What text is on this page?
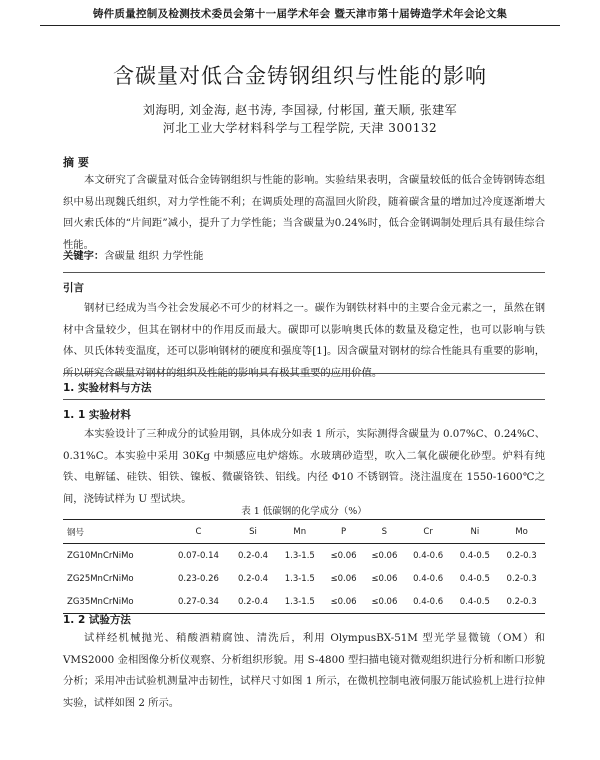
铸件质量控制及检测技术委员会第十一届学术年会 暨天津市第十届铸造学术年会论文集
含碳量对低合金铸钢组织与性能的影响
刘海明, 刘金海, 赵书涛, 李国禄, 付彬国, 董天顺, 张建军
河北工业大学材料科学与工程学院, 天津 300132
摘 要
本文研究了含碳量对低合金铸钢组织与性能的影响。实验结果表明，含碳量较低的低合金铸钢铸态组织中易出现魏氏组织，对力学性能不利；在调质处理的高温回火阶段，随着碳含量的增加过冷度逐渐增大回火索氏体的“片间距”减小，提升了力学性能；当含碳量为0.24%时，低合金钢调制处理后具有最佳综合性能。
关键字：含碳量 组织 力学性能
引言
钢材已经成为当今社会发展必不可少的材料之一。碳作为钢铁材料中的主要合金元素之一，虽然在钢材中含量较少，但其在钢材中的作用反而最大。碳即可以影响奥氏体的数量及稳定性，也可以影响与铁体、贝氏体转变温度，还可以影响钢材的硬度和强度等[1]。因含碳量对钢材的综合性能具有重要的影响，所以研究含碳量对钢材的组织及性能的影响具有极其重要的应用价值。
1. 实验材料与方法
1. 1 实验材料
本实验设计了三种成分的试验用钢，具体成分如表 1 所示，实际测得含碳量为 0.07%C、0.24%C、0.31%C。本实验中采用 30Kg 中频感应电炉熔炼。水玻璃砂造型，吹入二氧化碳硬化砂型。炉料有纯铁、电解锰、硅铁、钼铁、镍板、微碳铬铁、铝线。内径 Φ10 不锈钢管。浇注温度在 1550-1600℃之间，浇铸试样为 U 型试块。
表 1 低碳钢的化学成分（%）
钢号	C	Si	Mn	P	S	Cr	Ni	Mo
ZG10MnCrNiMo	0.07-0.14	0.2-0.4	1.3-1.5	≤0.06	≤0.06	0.4-0.6	0.4-0.5	0.2-0.3
ZG25MnCrNiMo	0.23-0.26	0.2-0.4	1.3-1.5	≤0.06	≤0.06	0.4-0.6	0.4-0.5	0.2-0.3
ZG35MnCrNiMo	0.27-0.34	0.2-0.4	1.3-1.5	≤0.06	≤0.06	0.4-0.6	0.4-0.5	0.2-0.3
1. 2 试验方法
试样经机械抛光、稍酸酒精腐蚀、清洗后，利用 OlympusBX-51M 型光学显微镜（OM）和VMS2000 金相图像分析仪观察、分析组织形貌。用 S-4800 型扫描电镜对微观组织进行分析和断口形貌分析；采用冲击试验机测量冲击韧性，试样尺寸如图 1 所示，在微机控制电液伺服万能试验机上进行拉伸实验，试样如图 2 所示。
